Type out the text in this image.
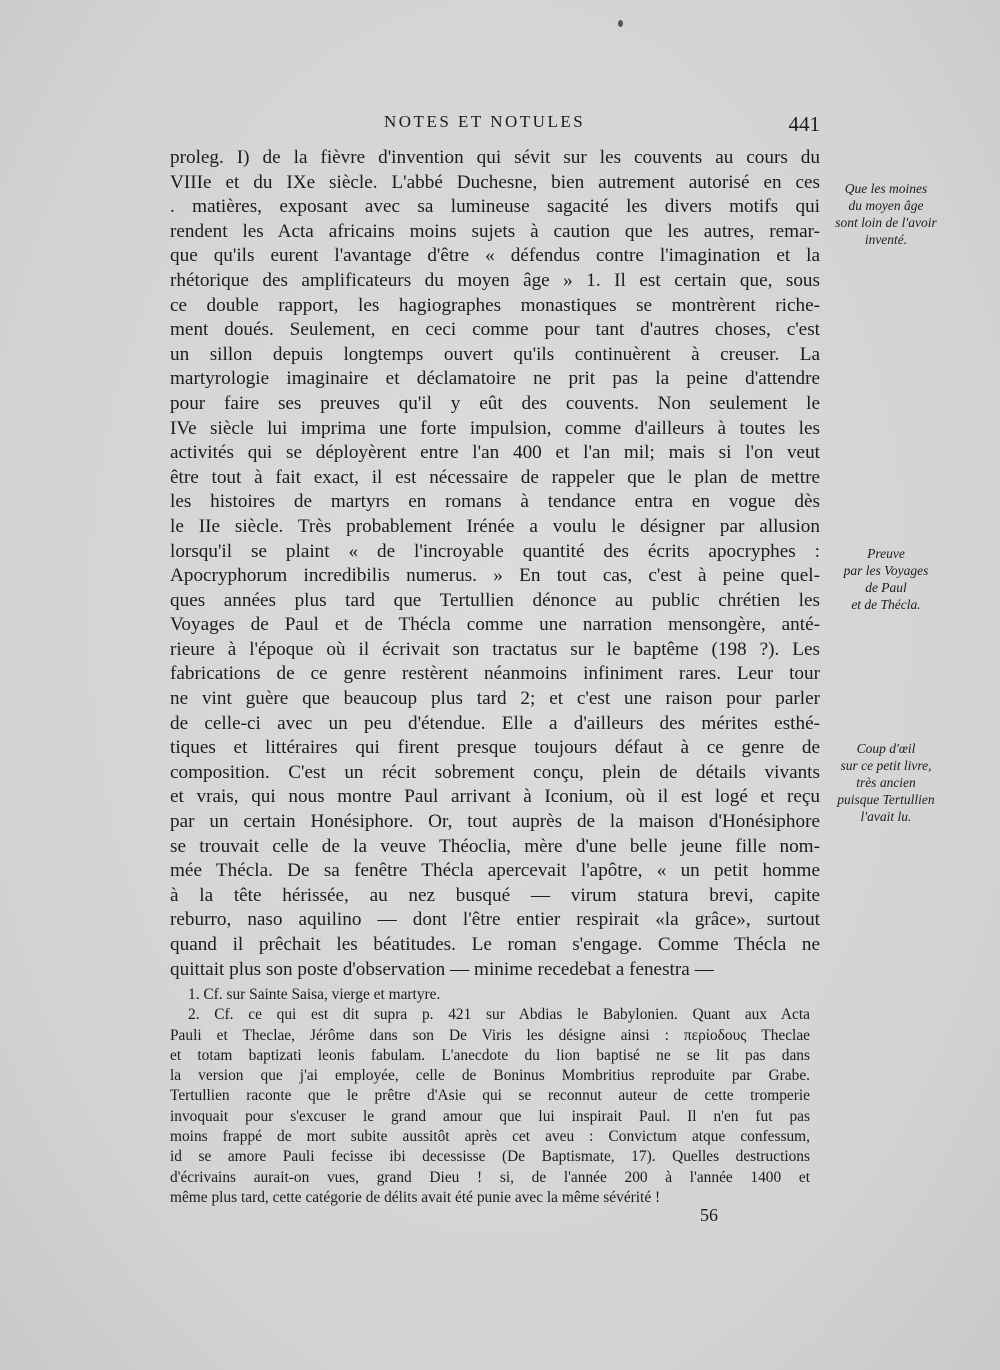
NOTES ET NOTULES	441
proleg. I) de la fièvre d'invention qui sévit sur les couvents au cours du
VIIIe et du IXe siècle. L'abbé Duchesne, bien autrement autorisé en ces
. matières, exposant avec sa lumineuse sagacité les divers motifs qui
rendent les Acta africains moins sujets à caution que les autres, remar-
que qu'ils eurent l'avantage d'être « défendus contre l'imagination et la
rhétorique des amplificateurs du moyen âge » 1. Il est certain que, sous
ce double rapport, les hagiographes monastiques se montrèrent riche-
ment doués. Seulement, en ceci comme pour tant d'autres choses, c'est
un sillon depuis longtemps ouvert qu'ils continuèrent à creuser. La
martyrologie imaginaire et déclamatoire ne prit pas la peine d'attendre
pour faire ses preuves qu'il y eût des couvents. Non seulement le
IVe siècle lui imprima une forte impulsion, comme d'ailleurs à toutes les
activités qui se déployèrent entre l'an 400 et l'an mil; mais si l'on veut
être tout à fait exact, il est nécessaire de rappeler que le plan de mettre
les histoires de martyrs en romans à tendance entra en vogue dès
le IIe siècle. Très probablement Irénée a voulu le désigner par allusion
lorsqu'il se plaint « de l'incroyable quantité des écrits apocryphes :
Apocryphorum incredibilis numerus. » En tout cas, c'est à peine quel-
ques années plus tard que Tertullien dénonce au public chrétien les
Voyages de Paul et de Thécla comme une narration mensongère, anté-
rieure à l'époque où il écrivait son tractatus sur le baptême (198 ?). Les
fabrications de ce genre restèrent néanmoins infiniment rares. Leur tour
ne vint guère que beaucoup plus tard 2; et c'est une raison pour parler
de celle-ci avec un peu d'étendue. Elle a d'ailleurs des mérites esthé-
tiques et littéraires qui firent presque toujours défaut à ce genre de
composition. C'est un récit sobrement conçu, plein de détails vivants
et vrais, qui nous montre Paul arrivant à Iconium, où il est logé et reçu
par un certain Honésiphore. Or, tout auprès de la maison d'Honésiphore
se trouvait celle de la veuve Théoclia, mère d'une belle jeune fille nom-
mée Thécla. De sa fenêtre Thécla apercevait l'apôtre, « un petit homme
à la tête hérissée, au nez busqué — virum statura brevi, capite
reburro, naso aquilino — dont l'être entier respirait «la grâce», surtout
quand il prêchait les béatitudes. Le roman s'engage. Comme Thécla ne
quittait plus son poste d'observation — minime recedebat a fenestra —
Que les moines
du moyen âge
sont loin de l'avoir
inventé.
Preuve
par les Voyages
de Paul
et de Thécla.
Coup d'œil
sur ce petit livre,
très ancien
puisque Tertullien
l'avait lu.
1. Cf. sur Sainte Saisa, vierge et martyre.
2. Cf. ce qui est dit supra p. 421 sur Abdias le Babylonien. Quant aux Acta
Pauli et Theclae, Jérôme dans son De Viris les désigne ainsi : περίοδους Theclae
et totam baptizati leonis fabulam. L'anecdote du lion baptisé ne se lit pas dans
la version que j'ai employée, celle de Boninus Mombritius reproduite par Grabe.
Tertullien raconte que le prêtre d'Asie qui se reconnut auteur de cette tromperie
invoquait pour s'excuser le grand amour que lui inspirait Paul. Il n'en fut pas
moins frappé de mort subite aussitôt après cet aveu : Convictum atque confessum,
id se amore Pauli fecisse ibi decessisse (De Baptismate, 17). Quelles destructions
d'écrivains aurait-on vues, grand Dieu ! si, de l'année 200 à l'année 1400 et
même plus tard, cette catégorie de délits avait été punie avec la même sévérité !
56
